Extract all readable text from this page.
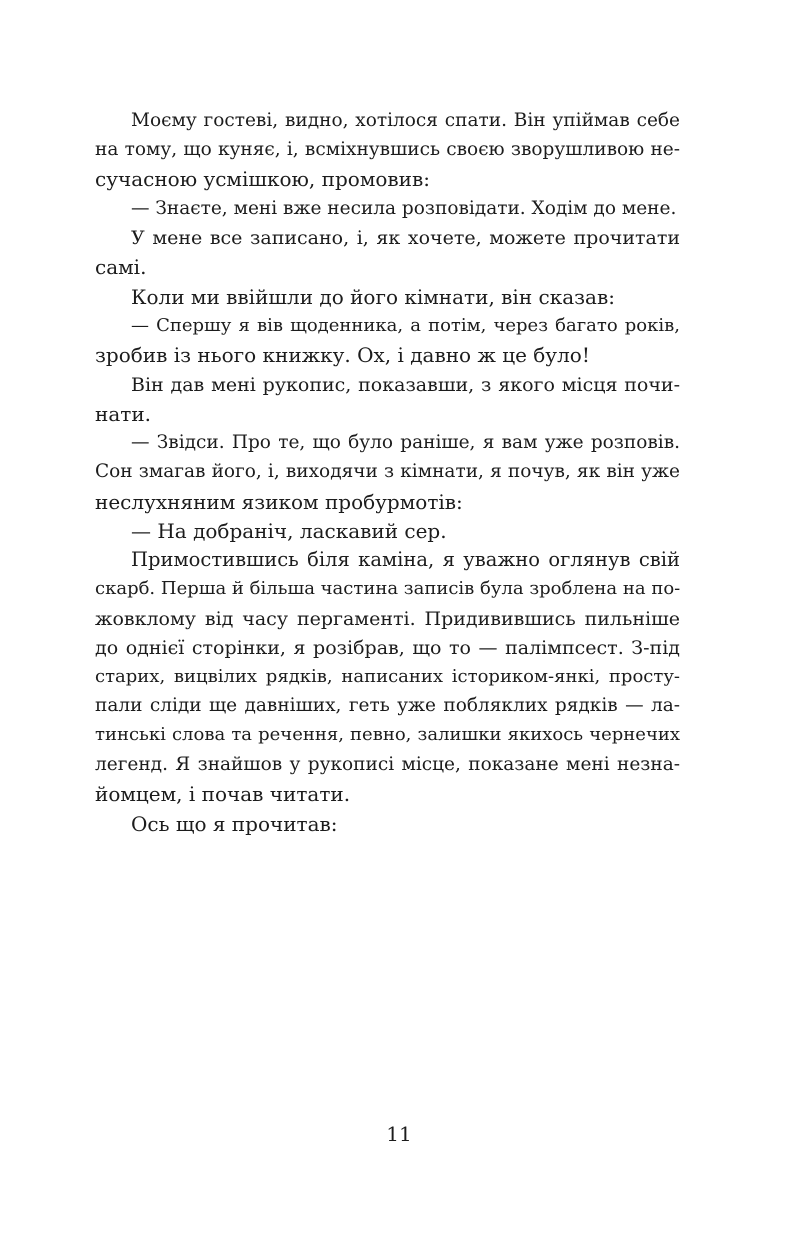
Моєму гостеві, видно, хотілося спати. Він упіймав себе
на тому, що куняє, і, всміхнувшись своєю зворушливою не-
сучасною усмішкою, промовив:
— Знаєте, мені вже несила розповідати. Ходім до мене.
У мене все записано, і, як хочете, можете прочитати
самі.
Коли ми ввійшли до його кімнати, він сказав:
— Спершу я вів щоденника, а потім, через багато років,
зробив із нього книжку. Ох, і давно ж це було!
Він дав мені рукопис, показавши, з якого місця почи-
нати.
— Звідси. Про те, що було раніше, я вам уже розповів.
Сон змагав його, і, виходячи з кімнати, я почув, як він уже
неслухняним язиком пробурмотів:
— На добраніч, ласкавий сер.
Примостившись біля каміна, я уважно оглянув свій
скарб. Перша й більша частина записів була зроблена на по-
жовклому від часу пергаменті. Придивившись пильніше
до однієї сторінки, я розібрав, що то — палімпсест. З-під
старих, вицвілих рядків, написаних істориком-янкі, просту-
пали сліди ще давніших, геть уже побляклих рядків — ла-
тинські слова та речення, певно, залишки якихось чернечих
легенд. Я знайшов у рукописі місце, показане мені незна-
йомцем, і почав читати.
Ось що я прочитав:
11
